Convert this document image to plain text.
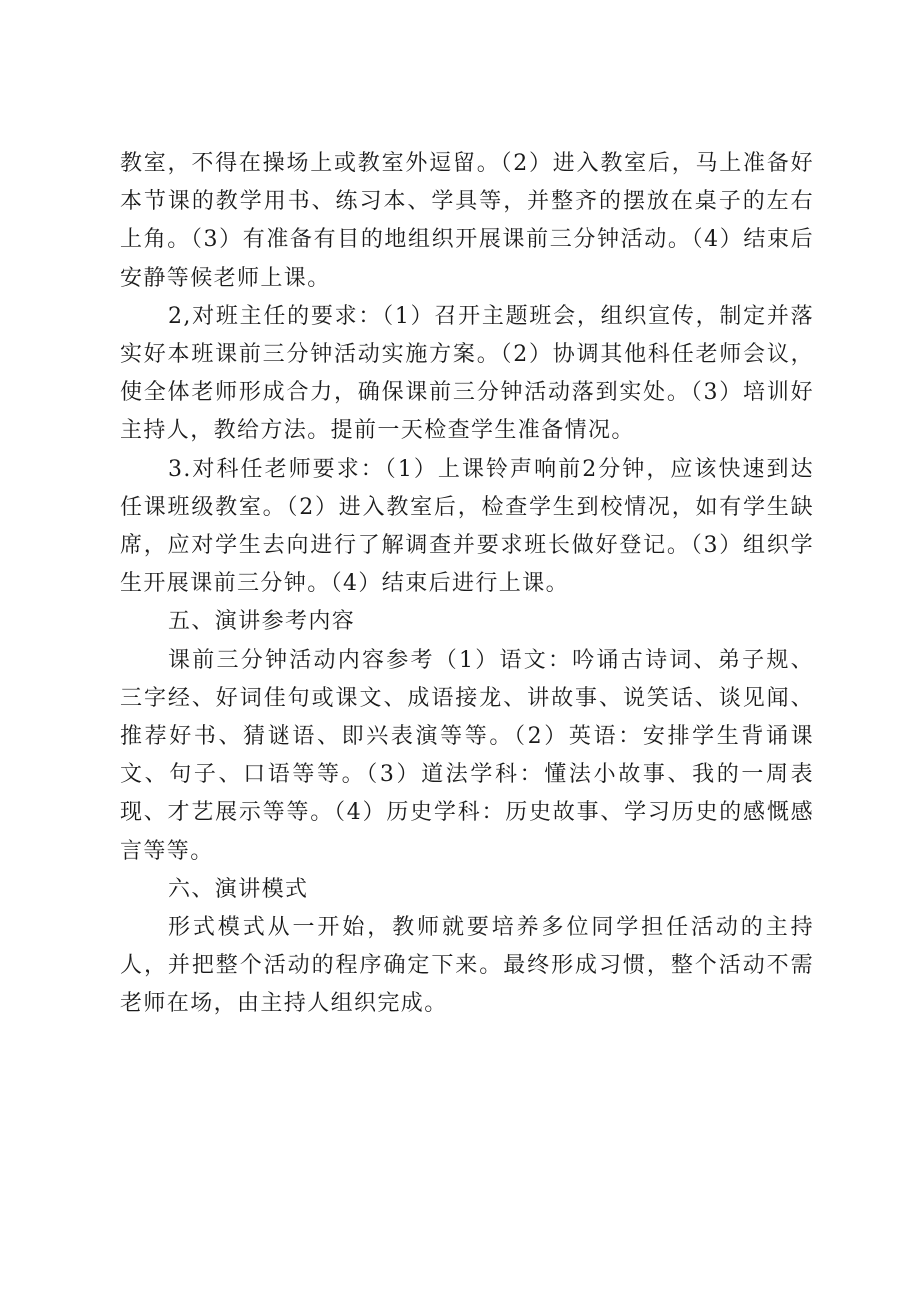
教室，不得在操场上或教室外逗留。（2）进入教室后，马上准备好本节课的教学用书、练习本、学具等，并整齐的摆放在桌子的左右上角。（3）有准备有目的地组织开展课前三分钟活动。（4）结束后安静等候老师上课。

2,对班主任的要求：（1）召开主题班会，组织宣传，制定并落实好本班课前三分钟活动实施方案。（2）协调其他科任老师会议，使全体老师形成合力，确保课前三分钟活动落到实处。（3）培训好主持人，教给方法。提前一天检查学生准备情况。

3.对科任老师要求：（1）上课铃声响前2分钟，应该快速到达任课班级教室。（2）进入教室后，检查学生到校情况，如有学生缺席，应对学生去向进行了解调查并要求班长做好登记。（3）组织学生开展课前三分钟。（4）结束后进行上课。

五、演讲参考内容

课前三分钟活动内容参考（1）语文：吟诵古诗词、弟子规、三字经、好词佳句或课文、成语接龙、讲故事、说笑话、谈见闻、推荐好书、猜谜语、即兴表演等等。（2）英语：安排学生背诵课文、句子、口语等等。（3）道法学科：懂法小故事、我的一周表现、才艺展示等等。（4）历史学科：历史故事、学习历史的感慨感言等等。

六、演讲模式

形式模式从一开始，教师就要培养多位同学担任活动的主持人，并把整个活动的程序确定下来。最终形成习惯，整个活动不需老师在场，由主持人组织完成。
